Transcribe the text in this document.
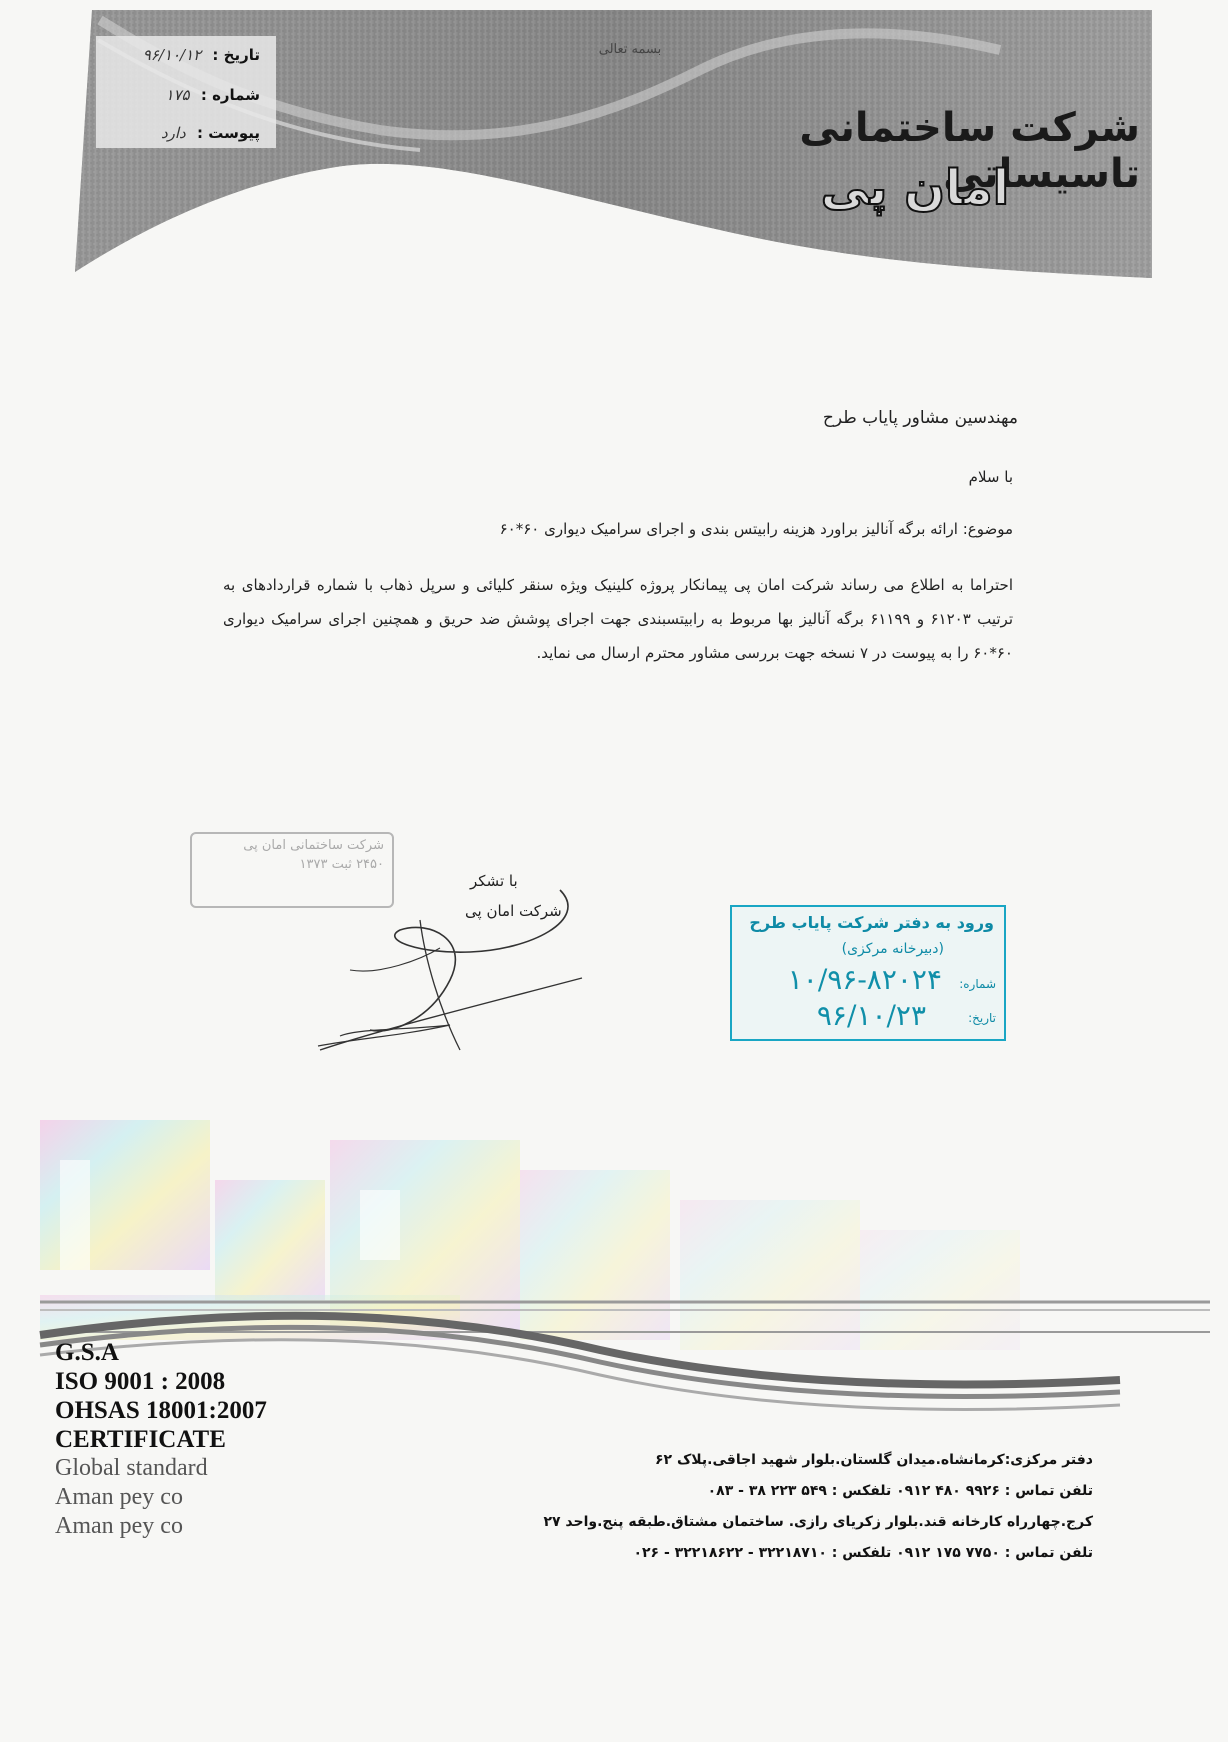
بسمه تعالی
تاریخ : ۹۶/۱۰/۱۲
شماره : ۱۷۵
پیوست : دارد	شرکت ساختمانی تاسیساتی
امان پی
مهندسین مشاور پایاب طرح
با سلام
موضوع: ارائه برگه آنالیز براورد هزینه رابیتس بندی و اجرای سرامیک دیواری ۶۰*۶۰
احتراما به اطلاع می رساند شرکت امان پی پیمانکار پروژه کلینیک ویژه سنقر کلیائی و سرپل ذهاب با شماره قراردادهای به ترتیب ۶۱۲۰۳ و ۶۱۱۹۹ برگه آنالیز بها مربوط به رابیتسبندی جهت اجرای پوشش ضد حریق و همچنین اجرای سرامیک دیواری ۶۰*۶۰ را به پیوست در ۷ نسخه جهت بررسی مشاور محترم ارسال می نماید.
شرکت ساختمانی امان پی
۲۴۵۰ ثبت ۱۳۷۳
با تشکر
شرکت امان پی
ورود به دفتر شرکت پایاب طرح
(دبیرخانه مرکزی)
شماره:
۱۰/۹۶-۸۲۰۲۴
تاریخ:
۹۶/۱۰/۲۳
G.S.A
ISO 9001 : 2008
OHSAS 18001:2007
CERTIFICATE
Global standard
Aman pey co
Aman pey co
دفتر مرکزی:کرمانشاه.میدان گلستان.بلوار شهید اجاقی.پلاک ۶۲
تلفن تماس : ۹۹۲۶ ۴۸۰ ۰۹۱۲ تلفکس : ۵۴۹ ۲۲۳ ۳۸ - ۰۸۳
کرج.چهارراه کارخانه قند.بلوار زکریای رازی. ساختمان مشتاق.طبقه پنج.واحد ۲۷
تلفن تماس : ۷۷۵۰ ۱۷۵ ۰۹۱۲ تلفکس : ۳۲۲۱۸۷۱۰ - ۳۲۲۱۸۶۲۲ - ۰۲۶
